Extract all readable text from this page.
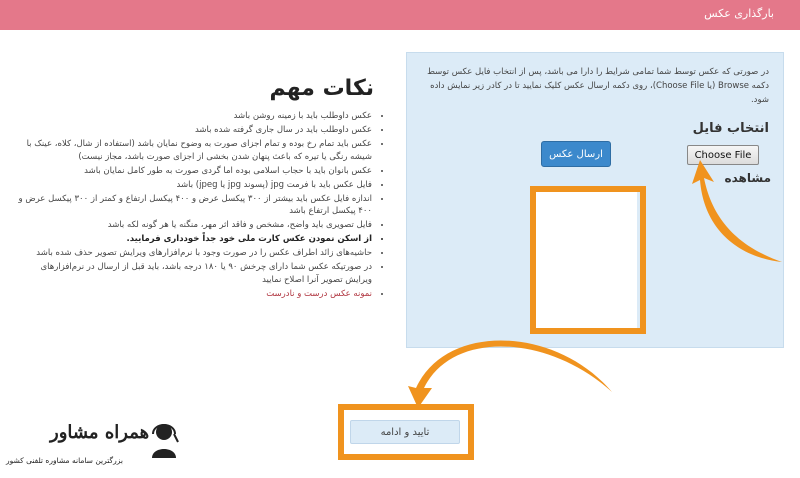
بارگذاری عکس
نکات مهم
• عکس داوطلب باید با زمینه روشن باشد
• عکس داوطلب باید در سال جاری گرفته شده باشد
• عکس باید تمام رخ بوده و تمام اجزای صورت به وضوح نمایان باشد (استفاده از شال، کلاه، عینک با شیشه رنگی یا تیره که باعث پنهان شدن بخشی از اجزای صورت باشد، مجاز نیست)
• عکس بانوان باید با حجاب اسلامی بوده اما گردی صورت به طور کامل نمایان باشد
• فایل عکس باید با فرمت jpg (پسوند jpg یا jpeg) باشد
• اندازه فایل عکس باید بیشتر از ۳۰۰ پیکسل عرض و ۴۰۰ پیکسل ارتفاع و کمتر از ۳۰۰ پیکسل عرض و ۴۰۰ پیکسل ارتفاع باشد
• فایل تصویری باید واضح، مشخص و فاقد اثر مهر، منگنه یا هر گونه لکه باشد
• از اسکن نمودن عکس کارت ملی خود جداً خودداری فرمایید.
• حاشیه‌های زائد اطراف عکس را در صورت وجود با نرم‌افزارهای ویرایش تصویر حذف شده باشد
• در صورتیکه عکس شما دارای چرخش ۹۰ یا ۱۸۰ درجه باشد، باید قبل از ارسال در نرم‌افزارهای ویرایش تصویر آنرا اصلاح نمایید
• نمونه عکس درست و نادرست
در صورتی که عکس توسط شما تمامی شرایط را دارا می باشد، پس از انتخاب فایل عکس توسط دکمه Browse (یا Choose File)، روی دکمه ارسال عکس کلیک نمایید تا در کادر زیر نمایش داده شود.
انتخاب فایل
Choose File
ارسال عکس
مشاهده
تایید و ادامه
همراه مشاور
بزرگترین سامانه مشاوره تلفنی کشور
